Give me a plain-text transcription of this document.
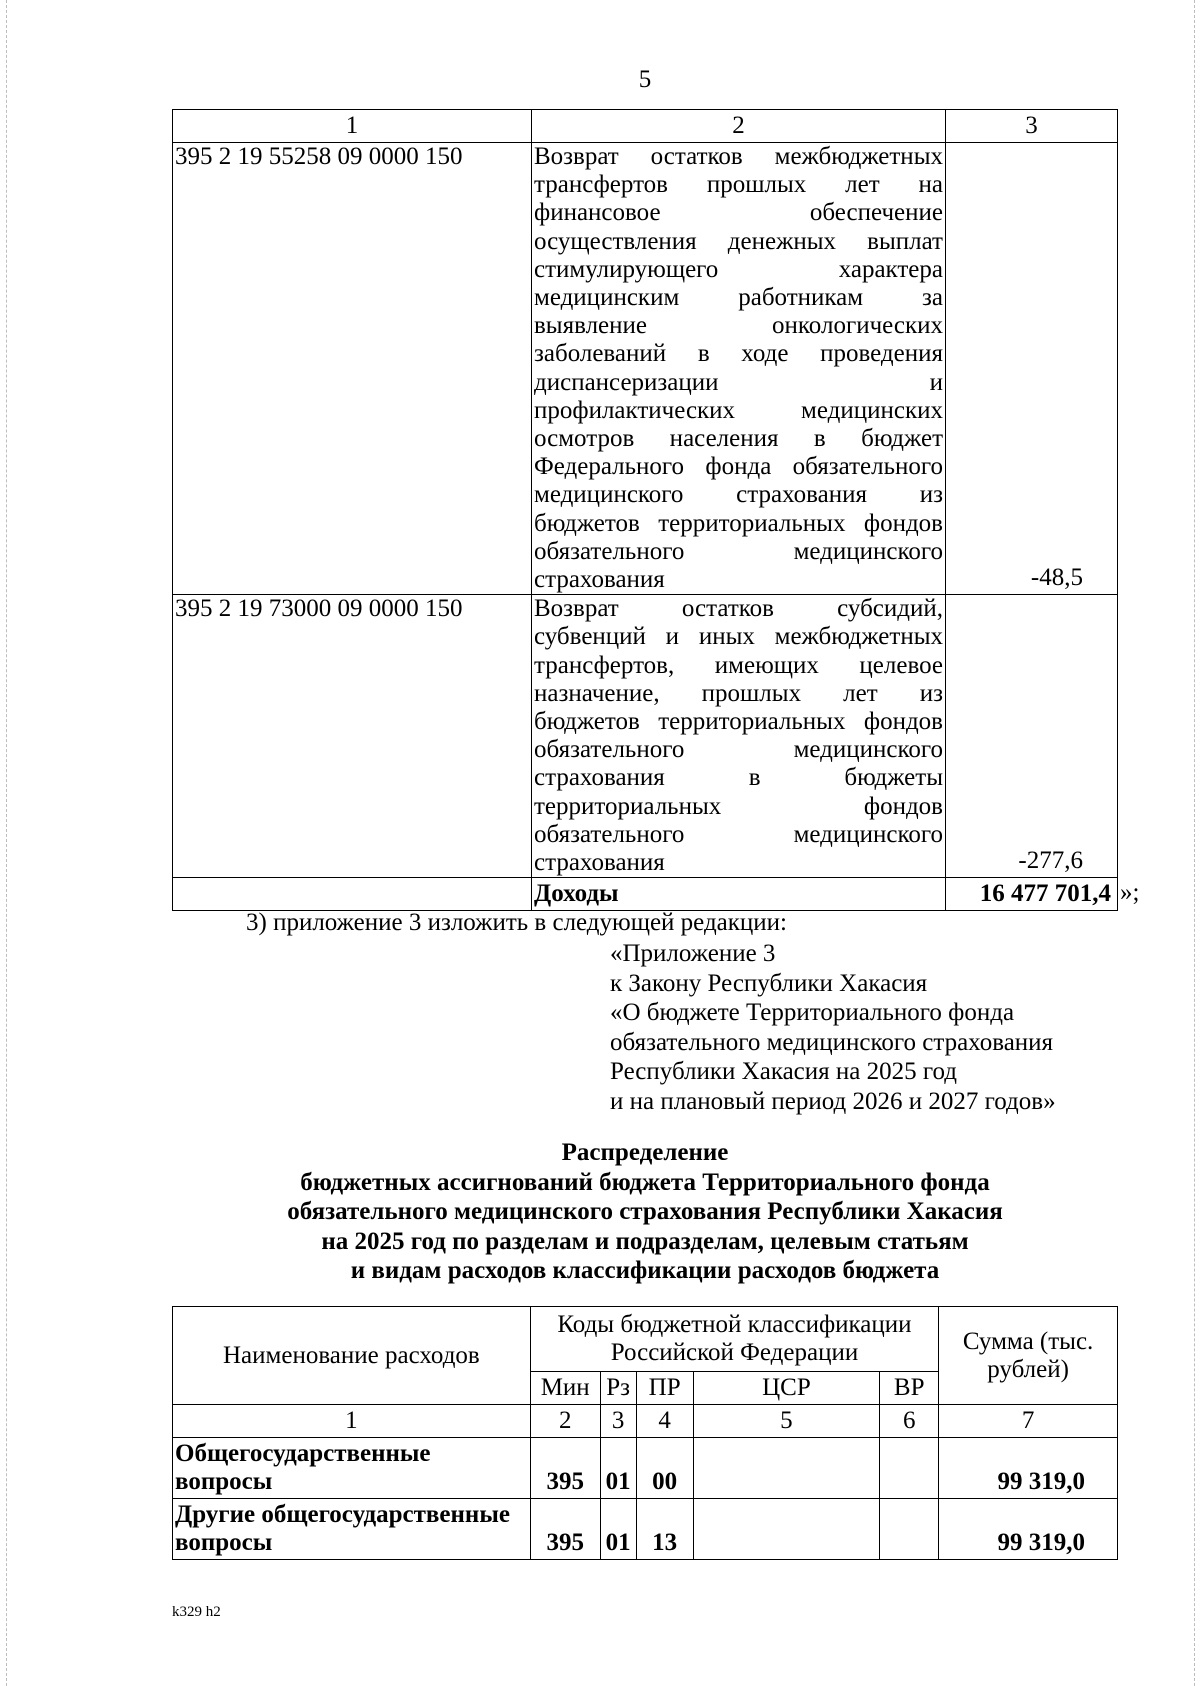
5
1	2	3
395 2 19 55258 09 0000 150	Возврат остатков межбюджетных трансфертов прошлых лет на финансовое обеспечение осуществления денежных выплат стимулирующего характера медицинским работникам за выявление онкологических заболеваний в ходе проведения диспансеризации и профилактических медицинских осмотров населения в бюджет Федерального фонда обязательного медицинского страхования из бюджетов территориальных фондов обязательного медицинского страхования	-48,5
395 2 19 73000 09 0000 150	Возврат остатков субсидий, субвенций и иных межбюджетных трансфертов, имеющих целевое назначение, прошлых лет из бюджетов территориальных фондов обязательного медицинского страхования в бюджеты территориальных фондов обязательного медицинского страхования	-277,6
	Доходы	16 477 701,4 »;
3) приложение 3 изложить в следующей редакции:
«Приложение 3
к Закону Республики Хакасия
«О бюджете Территориального фонда
обязательного медицинского страхования
Республики Хакасия на 2025 год
и на плановый период 2026 и 2027 годов»
Распределение
бюджетных ассигнований бюджета Территориального фонда
обязательного медицинского страхования Республики Хакасия
на 2025 год по разделам и подразделам, целевым статьям
и видам расходов классификации расходов бюджета
Наименование расходов	Коды бюджетной классификации Российской Федерации					Сумма (тыс. рублей)
	Мин	Рз	ПР	ЦСР	ВР	
1	2	3	4	5	6	7
Общегосударственные вопросы	395	01	00			99 319,0
Другие общегосударственные вопросы	395	01	13			99 319,0
k329 h2
